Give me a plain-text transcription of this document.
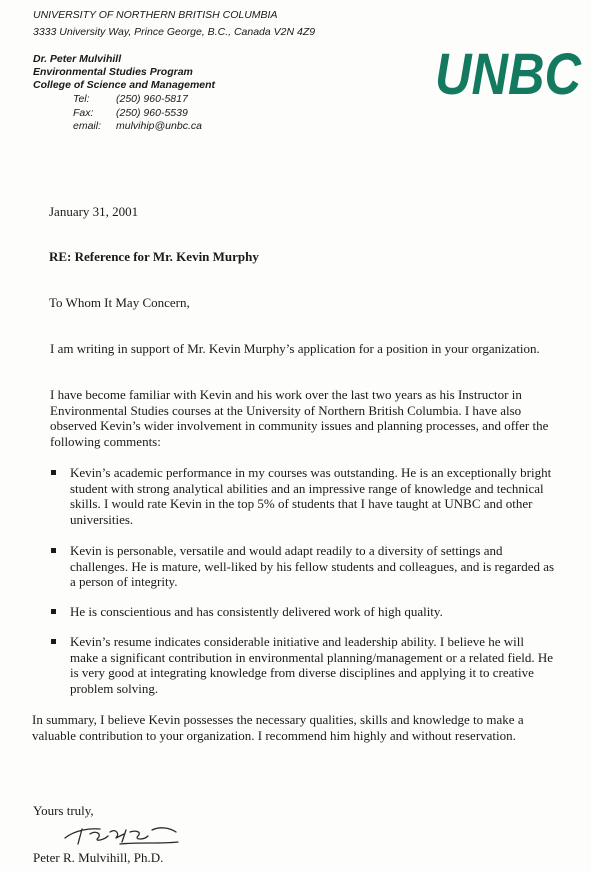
UNIVERSITY OF NORTHERN BRITISH COLUMBIA
3333 University Way, Prince George, B.C., Canada V2N 4Z9
Dr. Peter Mulvihill
Environmental Studies Program
College of Science and Management
Tel:	(250) 960-5817
Fax:	(250) 960-5539
email:	mulvihip@unbc.ca
UNBC
January 31, 2001
RE: Reference for Mr. Kevin Murphy
To Whom It May Concern,
I am writing in support of Mr. Kevin Murphy’s application for a position in your organization.
I have become familiar with Kevin and his work over the last two years as his Instructor in Environmental Studies courses at the University of Northern British Columbia. I have also observed Kevin’s wider involvement in community issues and planning processes, and offer the following comments:
Kevin’s academic performance in my courses was outstanding. He is an exceptionally bright student with strong analytical abilities and an impressive range of knowledge and technical skills. I would rate Kevin in the top 5% of students that I have taught at UNBC and other universities.
Kevin is personable, versatile and would adapt readily to a diversity of settings and challenges. He is mature, well-liked by his fellow students and colleagues, and is regarded as a person of integrity.
He is conscientious and has consistently delivered work of high quality.
Kevin’s resume indicates considerable initiative and leadership ability. I believe he will make a significant contribution in environmental planning/management or a related field. He is very good at integrating knowledge from diverse disciplines and applying it to creative problem solving.
In summary, I believe Kevin possesses the necessary qualities, skills and knowledge to make a valuable contribution to your organization. I recommend him highly and without reservation.
Yours truly,
Peter R. Mulvihill, Ph.D.
